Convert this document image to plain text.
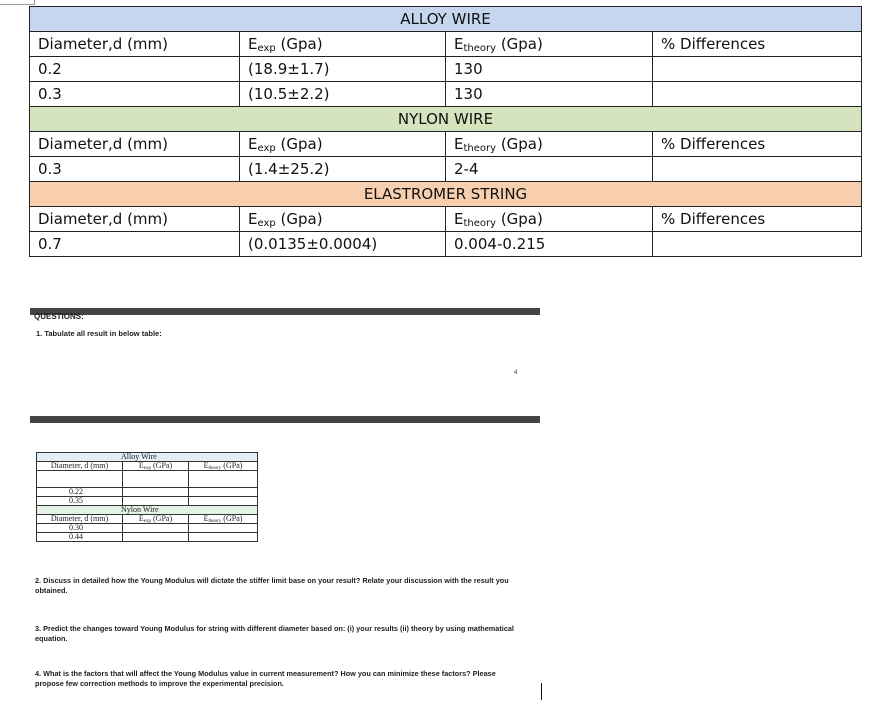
ALLOY WIRE			
Diameter,d (mm)	$E_{exp}$ (Gpa)	$E_{theory}$ (Gpa)	% Differences
0.2	(18.9±1.7)	130	
0.3	(10.5±2.2)	130	
NYLON WIRE			
Diameter,d (mm)	$E_{exp}$ (Gpa)	$E_{theory}$ (Gpa)	% Differences
0.3	(1.4±25.2)	2-4	
ELASTROMER STRING			
Diameter,d (mm)	$E_{exp}$ (Gpa)	$E_{theory}$ (Gpa)	% Differences
0.7	(0.0135±0.0004)	0.004-0.215	
QUESTIONS:
1. Tabulate all result in below table:
4
Alloy Wire		
Diameter, d (mm)	$E_{exp}$ (GPa)	$E_{theory}$ (GPa)

0.22		
0.35		
Nylon Wire		
Diameter, d (mm)	$E_{exp}$ (GPa)	$E_{theory}$ (GPa)
0.30		
0.44		
2. Discuss in detailed how the Young Modulus will dictate the stiffer limit base on your result? Relate your discussion with the result you obtained.
3. Predict the changes toward Young Modulus for string with different diameter based on: (i) your results (ii) theory by using mathematical equation.
4. What is the factors that will affect the Young Modulus value in current measurement? How you can minimize these factors? Please propose few correction methods to improve the experimental precision.
